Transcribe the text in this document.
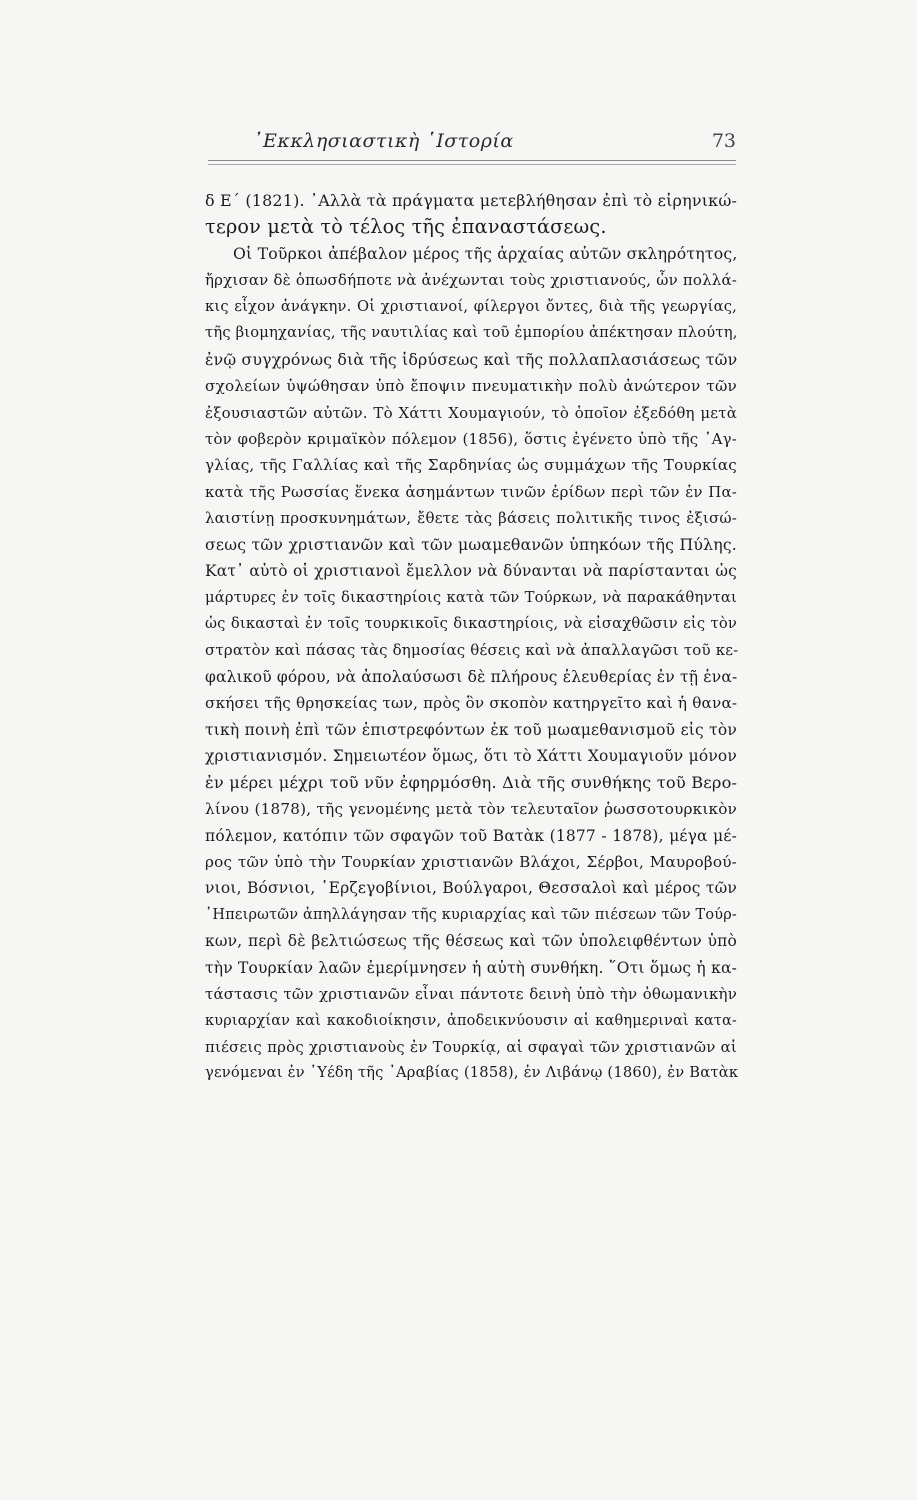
᾿Εκκλησιαστικὴ ῾Ιστορία	73
δ Ε´ (1821). ᾿Αλλὰ τὰ πράγματα μετεβλήθησαν ἐπὶ τὸ εἰρηνικώ-
τερον μετὰ τὸ τέλος τῆς ἐπαναστάσεως.
Οἱ Τοῦρκοι ἀπέβαλον μέρος τῆς ἀρχαίας αὐτῶν σκληρότητος,
ἤρχισαν δὲ ὁπωσδήποτε νὰ ἀνέχωνται τοὺς χριστιανούς, ὧν πολλά-
κις εἶχον ἀνάγκην. Οἱ χριστιανοί, φίλεργοι ὄντες, διὰ τῆς γεωργίας,
τῆς βιομηχανίας, τῆς ναυτιλίας καὶ τοῦ ἐμπορίου ἀπέκτησαν πλούτη,
ἐνῷ συγχρόνως διὰ τῆς ἱδρύσεως καὶ τῆς πολλαπλασιάσεως τῶν
σχολείων ὑψώθησαν ὑπὸ ἔποψιν πνευματικὴν πολὺ ἀνώτερον τῶν
ἐξουσιαστῶν αὐτῶν. Τὸ Χάττι Χουμαγιούν, τὸ ὁποῖον ἐξεδόθη μετὰ
τὸν φοβερὸν κριμαϊκὸν πόλεμον (1856), ὅστις ἐγένετο ὑπὸ τῆς ᾿Αγ-
γλίας, τῆς Γαλλίας καὶ τῆς Σαρδηνίας ὡς συμμάχων τῆς Τουρκίας
κατὰ τῆς Ρωσσίας ἕνεκα ἀσημάντων τινῶν ἐρίδων περὶ τῶν ἐν Πα-
λαιστίνῃ προσκυνημάτων, ἔθετε τὰς βάσεις πολιτικῆς τινος ἐξισώ-
σεως τῶν χριστιανῶν καὶ τῶν μωαμεθανῶν ὑπηκόων τῆς Πύλης.
Κατ᾿ αὐτὸ οἱ χριστιανοὶ ἔμελλον νὰ δύνανται νὰ παρίστανται ὡς
μάρτυρες ἐν τοῖς δικαστηρίοις κατὰ τῶν Τούρκων, νὰ παρακάθηνται
ὡς δικασταὶ ἐν τοῖς τουρκικοῖς δικαστηρίοις, νὰ εἰσαχθῶσιν εἰς τὸν
στρατὸν καὶ πάσας τὰς δημοσίας θέσεις καὶ νὰ ἀπαλλαγῶσι τοῦ κε-
φαλικοῦ φόρου, νὰ ἀπολαύσωσι δὲ πλήρους ἐλευθερίας ἐν τῇ ἐνα-
σκήσει τῆς θρησκείας των, πρὸς ὃν σκοπὸν κατηργεῖτο καὶ ἡ θανα-
τικὴ ποινὴ ἐπὶ τῶν ἐπιστρεφόντων ἐκ τοῦ μωαμεθανισμοῦ εἰς τὸν
χριστιανισμόν. Σημειωτέον ὅμως, ὅτι τὸ Χάττι Χουμαγιοῦν μόνον
ἐν μέρει μέχρι τοῦ νῦν ἐφηρμόσθη. Διὰ τῆς συνθήκης τοῦ Βερο-
λίνου (1878), τῆς γενομένης μετὰ τὸν τελευταῖον ῥωσσοτουρκικὸν
πόλεμον, κατόπιν τῶν σφαγῶν τοῦ Βατὰκ (1877 - 1878), μέγα μέ-
ρος τῶν ὑπὸ τὴν Τουρκίαν χριστιανῶν Βλάχοι, Σέρβοι, Μαυροβού-
νιοι, Βόσνιοι, ῾Ερζεγοβίνιοι, Βούλγαροι, Θεσσαλοὶ καὶ μέρος τῶν
᾿Ηπειρωτῶν ἀπηλλάγησαν τῆς κυριαρχίας καὶ τῶν πιέσεων τῶν Τούρ-
κων, περὶ δὲ βελτιώσεως τῆς θέσεως καὶ τῶν ὑπολειφθέντων ὑπὸ
τὴν Τουρκίαν λαῶν ἐμερίμνησεν ἡ αὐτὴ συνθήκη. ῞Οτι ὅμως ἡ κα-
τάστασις τῶν χριστιανῶν εἶναι πάντοτε δεινὴ ὑπὸ τὴν ὀθωμανικὴν
κυριαρχίαν καὶ κακοδιοίκησιν, ἀποδεικνύουσιν αἱ καθημεριναὶ κατα-
πιέσεις πρὸς χριστιανοὺς ἐν Τουρκίᾳ, αἱ σφαγαὶ τῶν χριστιανῶν αἱ
γενόμεναι ἐν ῾Υέδη τῆς ᾿Αραβίας (1858), ἐν Λιβάνῳ (1860), ἐν Βατὰκ
